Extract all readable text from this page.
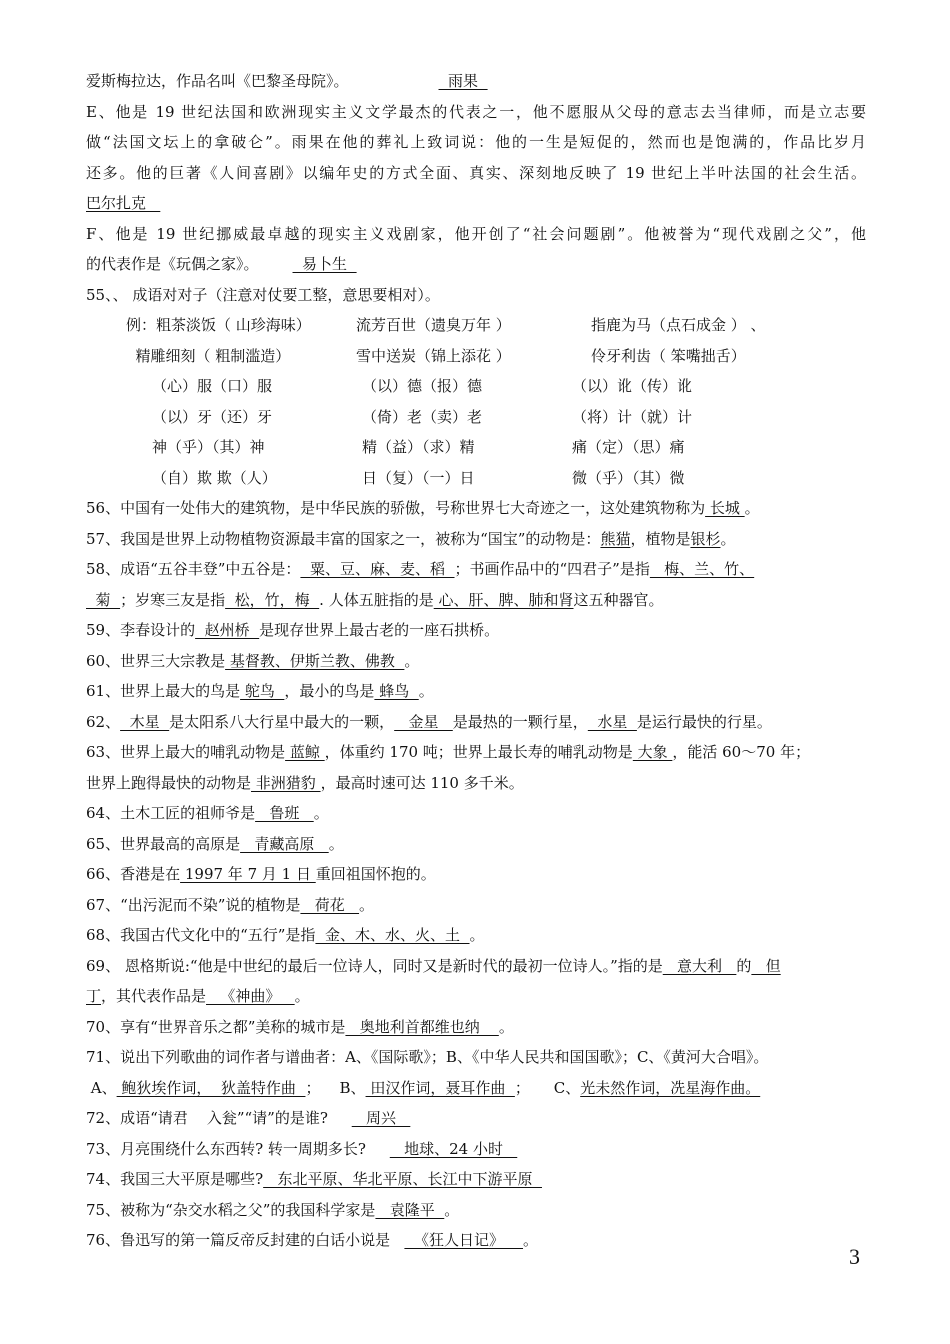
爱斯梅拉达，作品名叫《巴黎圣母院》。	雨果
E、他是 19 世纪法国和欧洲现实主义文学最杰的代表之一，他不愿服从父母的意志去当律师，而是立志要
做“法国文坛上的拿破仑”。雨果在他的葬礼上致词说：他的一生是短促的，然而也是饱满的，作品比岁月
还多。他的巨著《人间喜剧》以编年史的方式全面、真实、深刻地反映了 19 世纪上半叶法国的社会生活。
巴尔扎克
F、他是 19 世纪挪威最卓越的现实主义戏剧家，他开创了“社会问题剧”。他被誉为“现代戏剧之父”，他
的代表作是《玩偶之家》。  易卜生
55、、 成语对对子（注意对仗要工整，意思要相对）。
例：粗茶淡饭（ 山珍海味）	流芳百世（遗臭万年 ）	指鹿为马（点石成金 ） 、
精雕细刻（ 粗制滥造）	雪中送炭（锦上添花 ）	伶牙利齿（ 笨嘴拙舌）
（心）服（口）服	（以）德（报）德	（以）讹（传）讹
（以）牙（还）牙	（倚）老（卖）老	（将）计（就）计
神（乎）（其）神	精（益）（求）精	痛（定）（思）痛
（自）欺 欺（人）	日（复）（一）日	微（乎）（其）微
56、中国有一处伟大的建筑物，是中华民族的骄傲，号称世界七大奇迹之一，这处建筑物称为 长城 。
57、我国是世界上动物植物资源最丰富的国家之一，被称为“国宝”的动物是：熊猫，植物是银杉。
58、成语“五谷丰登”中五谷是：  粟、豆、麻、麦、稻  ；书画作品中的“四君子”是指   梅、兰、竹、
菊  ；岁寒三友是指  松，竹，梅  . 人体五脏指的是 心、肝、脾、肺和肾这五种器官。
59、李春设计的  赵州桥  是现存世界上最古老的一座石拱桥。
60、世界三大宗教是 基督教、伊斯兰教、佛教  。
61、世界上最大的鸟是 鸵鸟  ，最小的鸟是 蜂鸟  。
62、  木星  是太阳系八大行星中最大的一颗，   金星   是最热的一颗行星，  水星  是运行最快的行星。
63、世界上最大的哺乳动物是 蓝鲸 ，体重约 170 吨；世界上最长寿的哺乳动物是 大象 ，能活 60～70 年；
世界上跑得最快的动物是 非洲猎豹 ，最高时速可达 110 多千米。
64、土木工匠的祖师爷是   鲁班   。
65、世界最高的高原是   青藏高原   。
66、香港是在 1997 年 7 月 1 日 重回祖国怀抱的。
67、“出污泥而不染”说的植物是   荷花   。
68、我国古代文化中的“五行”是指  金、木、水、火、土  。
69、 恩格斯说:“他是中世纪的最后一位诗人，同时又是新时代的最初一位诗人。”指的是   意大利   的   但
丁，其代表作品是   《神曲》   。
70、享有“世界音乐之都”美称的城市是   奥地利首都维也纳    。
71、说出下列歌曲的词作者与谱曲者：A、《国际歌》；B、《中华人民共和国国歌》；C、《黄河大合唱》。
A、 鲍狄埃作词，  狄盖特作曲  ；    B、 田汉作词，聂耳作曲  ；     C、光未然作词，冼星海作曲。
72、成语“请君    入瓮”“请”的是谁?        周兴
73、月亮围绕什么东西转? 转一周期多长?        地球、24 小时
74、我国三大平原是哪些?   东北平原、华北平原、长江中下游平原
75、被称为“杂交水稻之父”的我国科学家是   袁隆平  。
76、鲁迅写的第一篇反帝反封建的白话小说是     《狂人日记》    。
3
